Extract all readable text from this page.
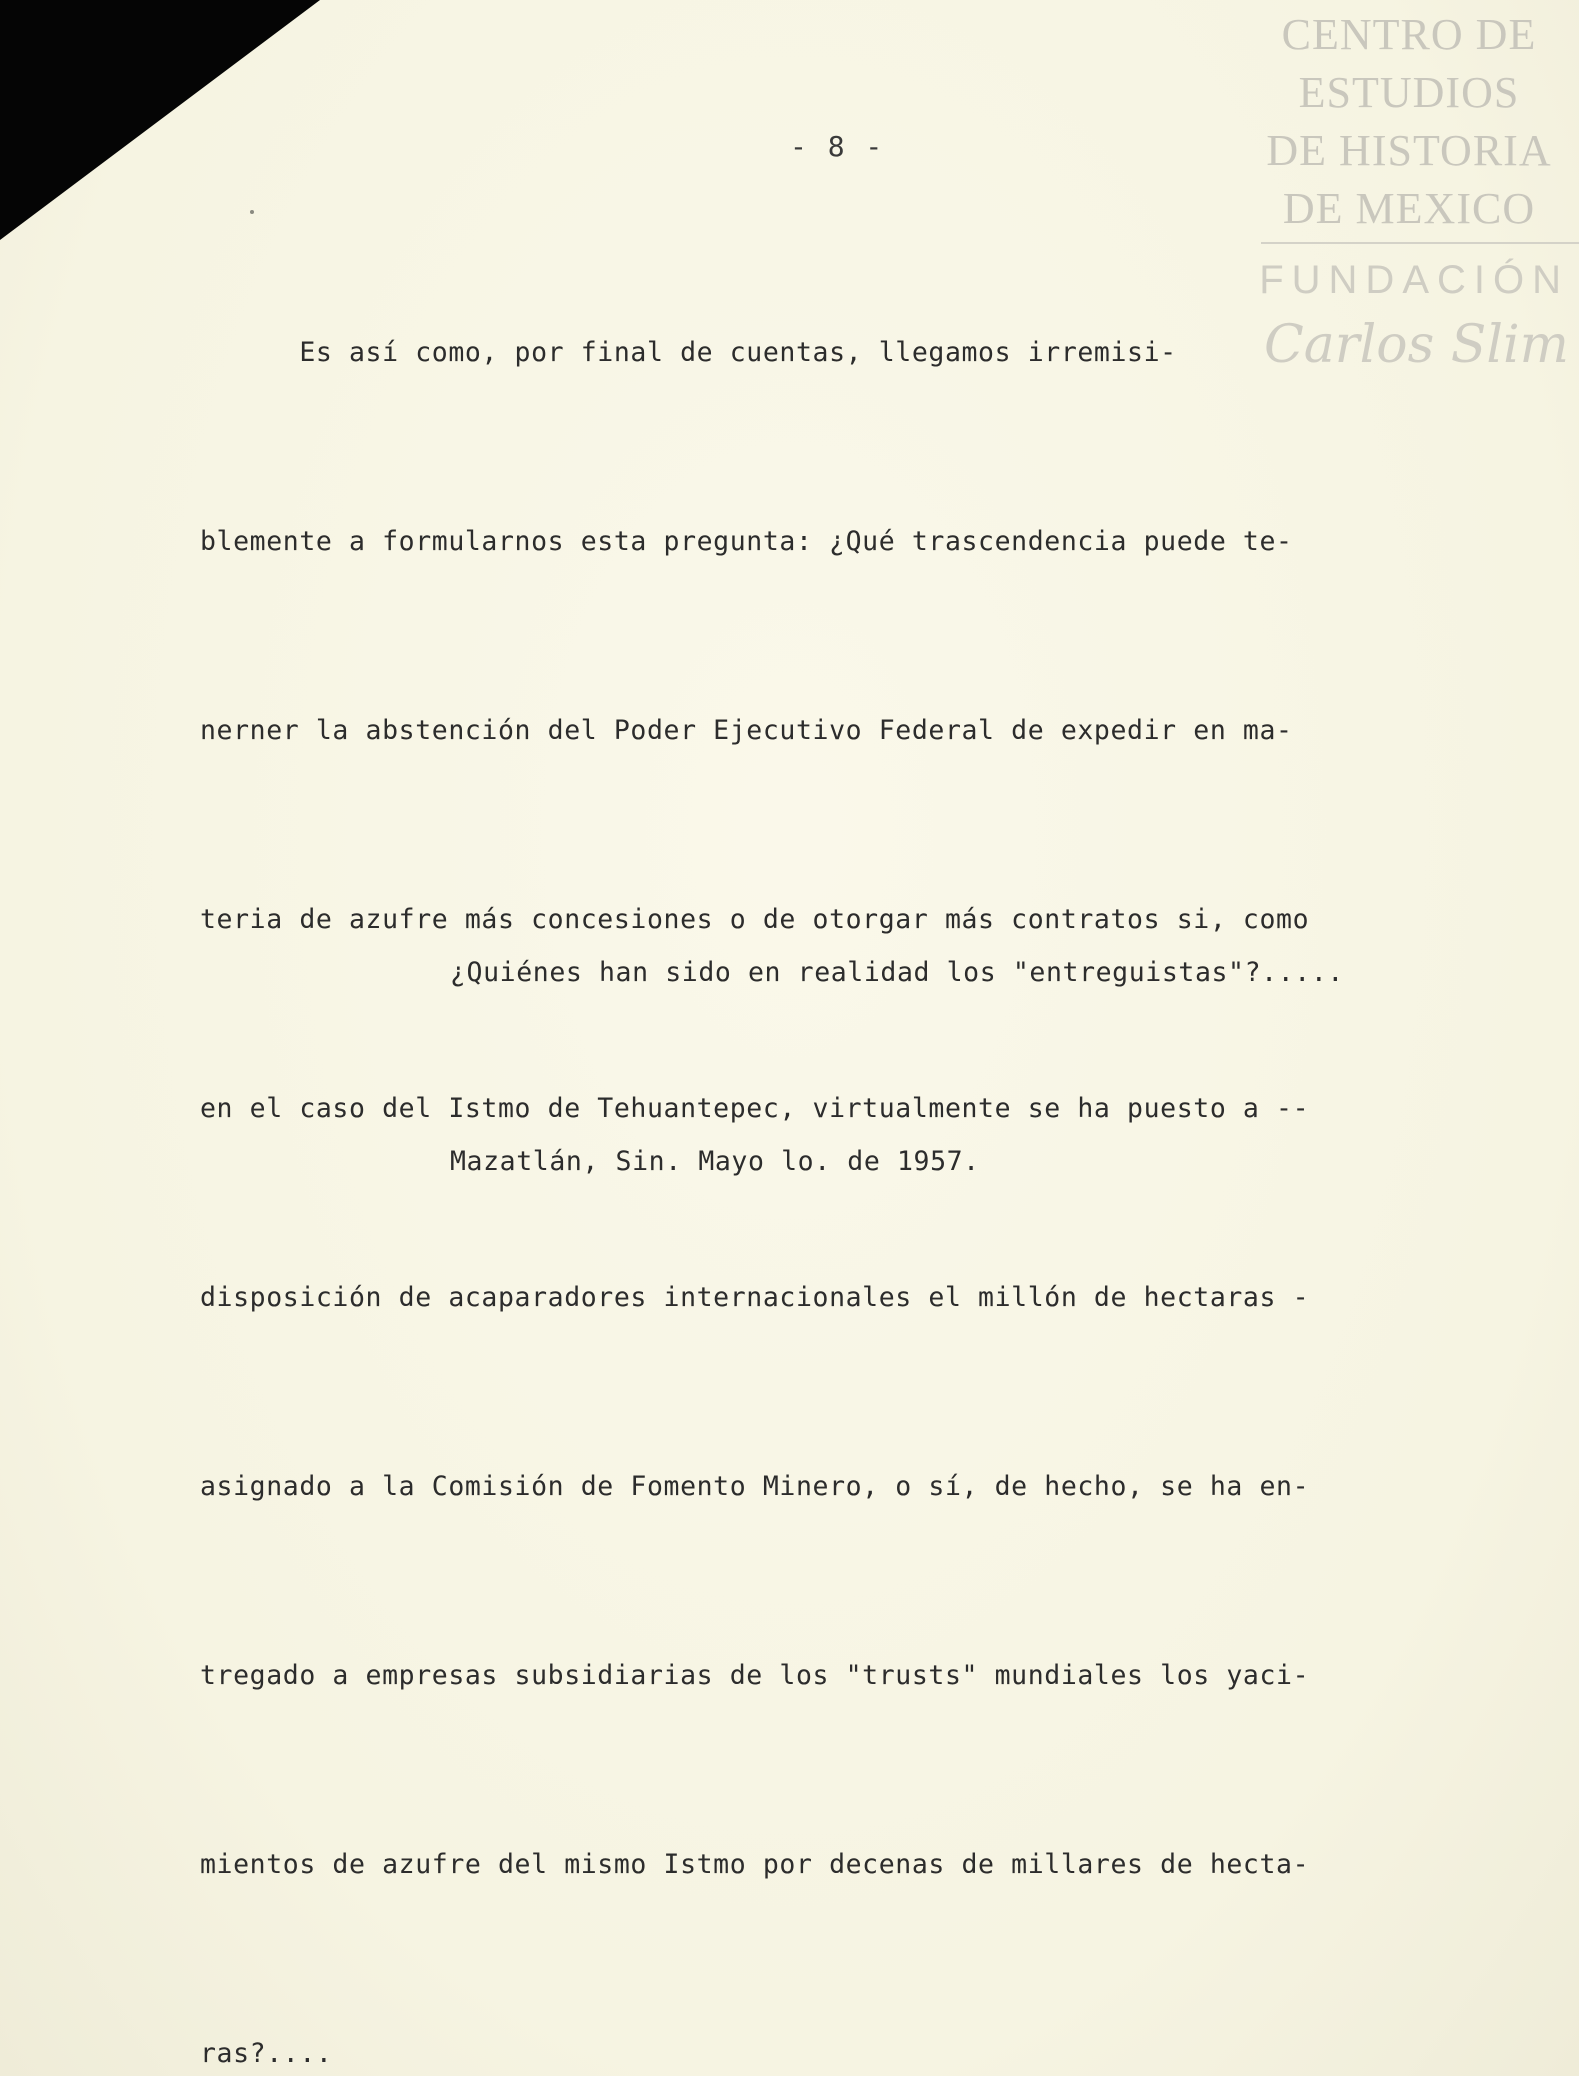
CENTRO DE
ESTUDIOS
DE HISTORIA
DE MEXICO
FUNDACIÓN
Carlos Slim
- 8 -

Es así como, por final de cuentas, llegamos irremisi-

blemente a formularnos esta pregunta: ¿Qué trascendencia puede te-

nerner la abstención del Poder Ejecutivo Federal de expedir en ma-

teria de azufre más concesiones o de otorgar más contratos si, como

en el caso del Istmo de Tehuantepec, virtualmente se ha puesto a --

disposición de acaparadores internacionales el millón de hectaras -

asignado a la Comisión de Fomento Minero, o sí, de hecho, se ha en-

tregado a empresas subsidiarias de los "trusts" mundiales los yaci-

mientos de azufre del mismo Istmo por decenas de millares de hecta-

ras?....

¿Quiénes han sido en realidad los "entreguistas"?.....

Mazatlán, Sin. Mayo lo. de 1957.
